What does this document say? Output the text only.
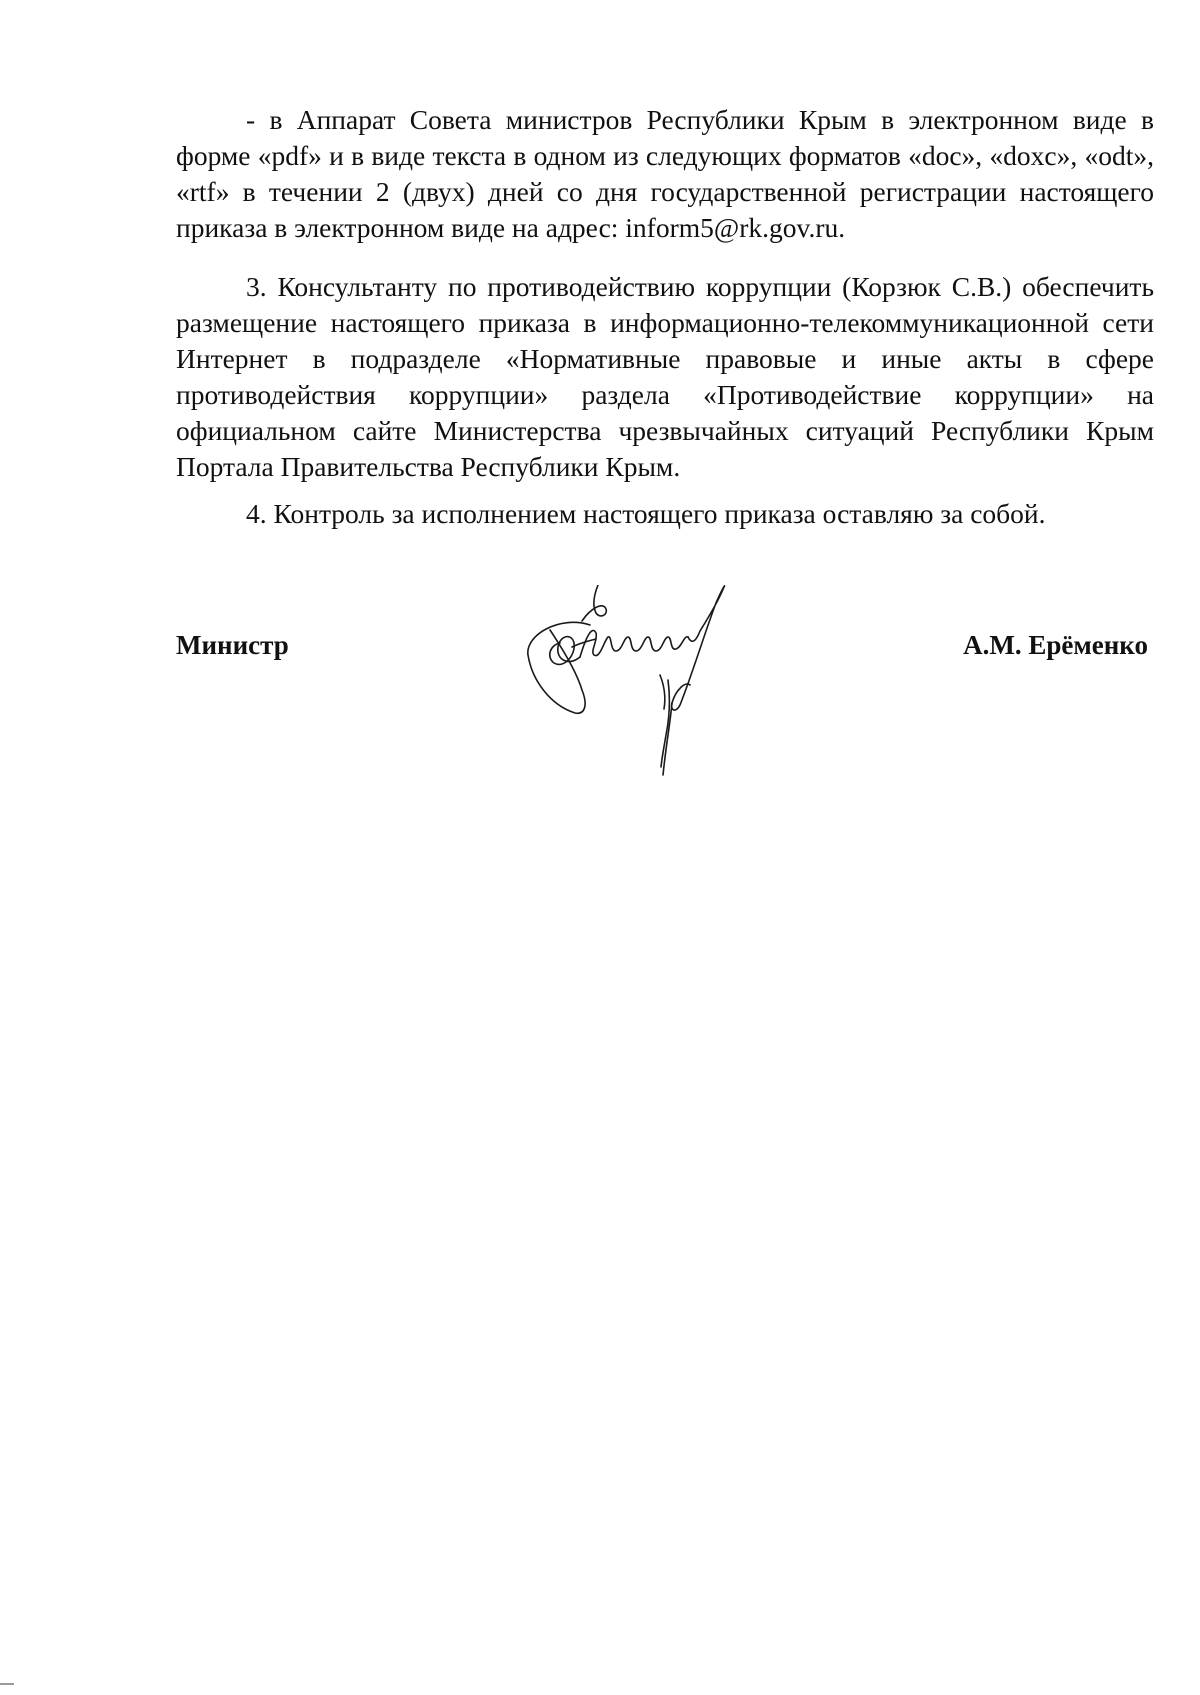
- в Аппарат Совета министров Республики Крым в электронном виде в форме «pdf» и в виде текста в одном из следующих форматов «doc», «doxc», «odt», «rtf» в течении 2 (двух) дней со дня государственной регистрации настоящего приказа в электронном виде на адрес: inform5@rk.gov.ru.

3. Консультанту по противодействию коррупции (Корзюк С.В.) обеспечить размещение настоящего приказа в информационно-телекоммуникационной сети Интернет в подразделе «Нормативные правовые и иные акты в сфере противодействия коррупции» раздела «Противодействие коррупции» на официальном сайте Министерства чрезвычайных ситуаций Республики Крым Портала Правительства Республики Крым.

4. Контроль за исполнением настоящего приказа оставляю за собой.

Министр	А.М. Ерёменко
